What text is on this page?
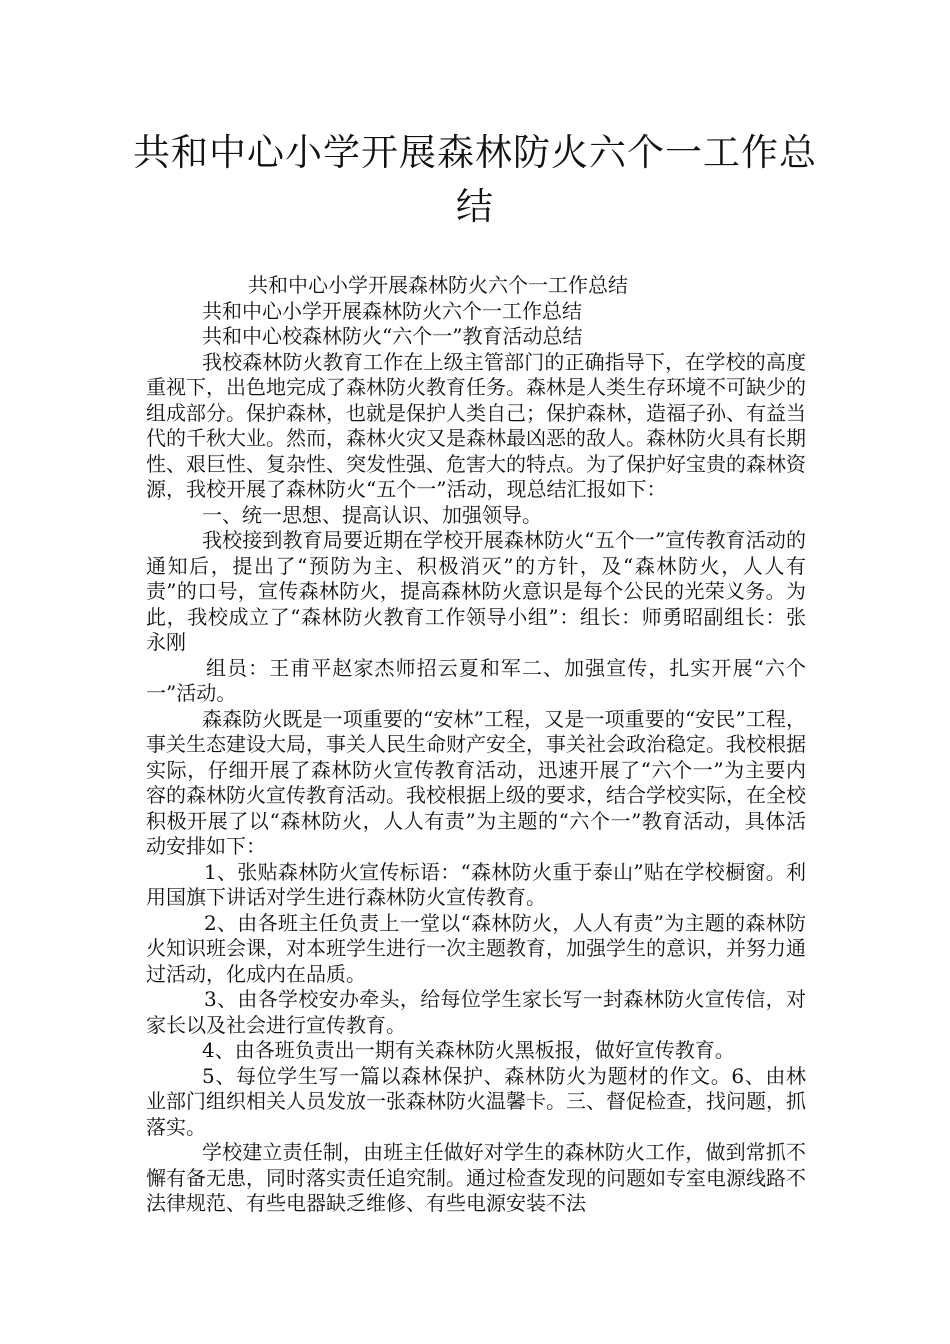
共和中心小学开展森林防火六个一工作总
结

共和中心小学开展森林防火六个一工作总结

共和中心小学开展森林防火六个一工作总结

共和中心校森林防火“六个一”教育活动总结

我校森林防火教育工作在上级主管部门的正确指导下，在学校的高度重视下，出色地完成了森林防火教育任务。森林是人类生存环境不可缺少的组成部分。保护森林，也就是保护人类自己；保护森林，造福子孙、有益当代的千秋大业。然而，森林火灾又是森林最凶恶的敌人。森林防火具有长期性、艰巨性、复杂性、突发性强、危害大的特点。为了保护好宝贵的森林资源，我校开展了森林防火“五个一”活动，现总结汇报如下：

一、统一思想、提高认识、加强领导。

我校接到教育局要近期在学校开展森林防火“五个一”宣传教育活动的通知后，提出了“预防为主、积极消灭”的方针，及“森林防火，人人有责”的口号，宣传森林防火，提高森林防火意识是每个公民的光荣义务。为此，我校成立了“森林防火教育工作领导小组”：组长：师勇昭副组长：张永刚

组员：王甫平赵家杰师招云夏和军二、加强宣传，扎实开展“六个一”活动。

森森防火既是一项重要的“安林”工程，又是一项重要的“安民”工程，事关生态建设大局，事关人民生命财产安全，事关社会政治稳定。我校根据实际，仔细开展了森林防火宣传教育活动，迅速开展了“六个一”为主要内容的森林防火宣传教育活动。我校根据上级的要求，结合学校实际，在全校积极开展了以“森林防火，人人有责”为主题的“六个一”教育活动，具体活动安排如下：

1、张贴森林防火宣传标语：“森林防火重于泰山”贴在学校橱窗。利用国旗下讲话对学生进行森林防火宣传教育。

2、由各班主任负责上一堂以“森林防火，人人有责”为主题的森林防火知识班会课，对本班学生进行一次主题教育，加强学生的意识，并努力通过活动，化成内在品质。

3、由各学校安办牵头，给每位学生家长写一封森林防火宣传信，对家长以及社会进行宣传教育。

4、由各班负责出一期有关森林防火黑板报，做好宣传教育。

5、每位学生写一篇以森林保护、森林防火为题材的作文。6、由林业部门组织相关人员发放一张森林防火温馨卡。三、督促检查，找问题，抓落实。

学校建立责任制，由班主任做好对学生的森林防火工作，做到常抓不懈有备无患，同时落实责任追究制。通过检查发现的问题如专室电源线路不法律规范、有些电器缺乏维修、有些电源安装不法
